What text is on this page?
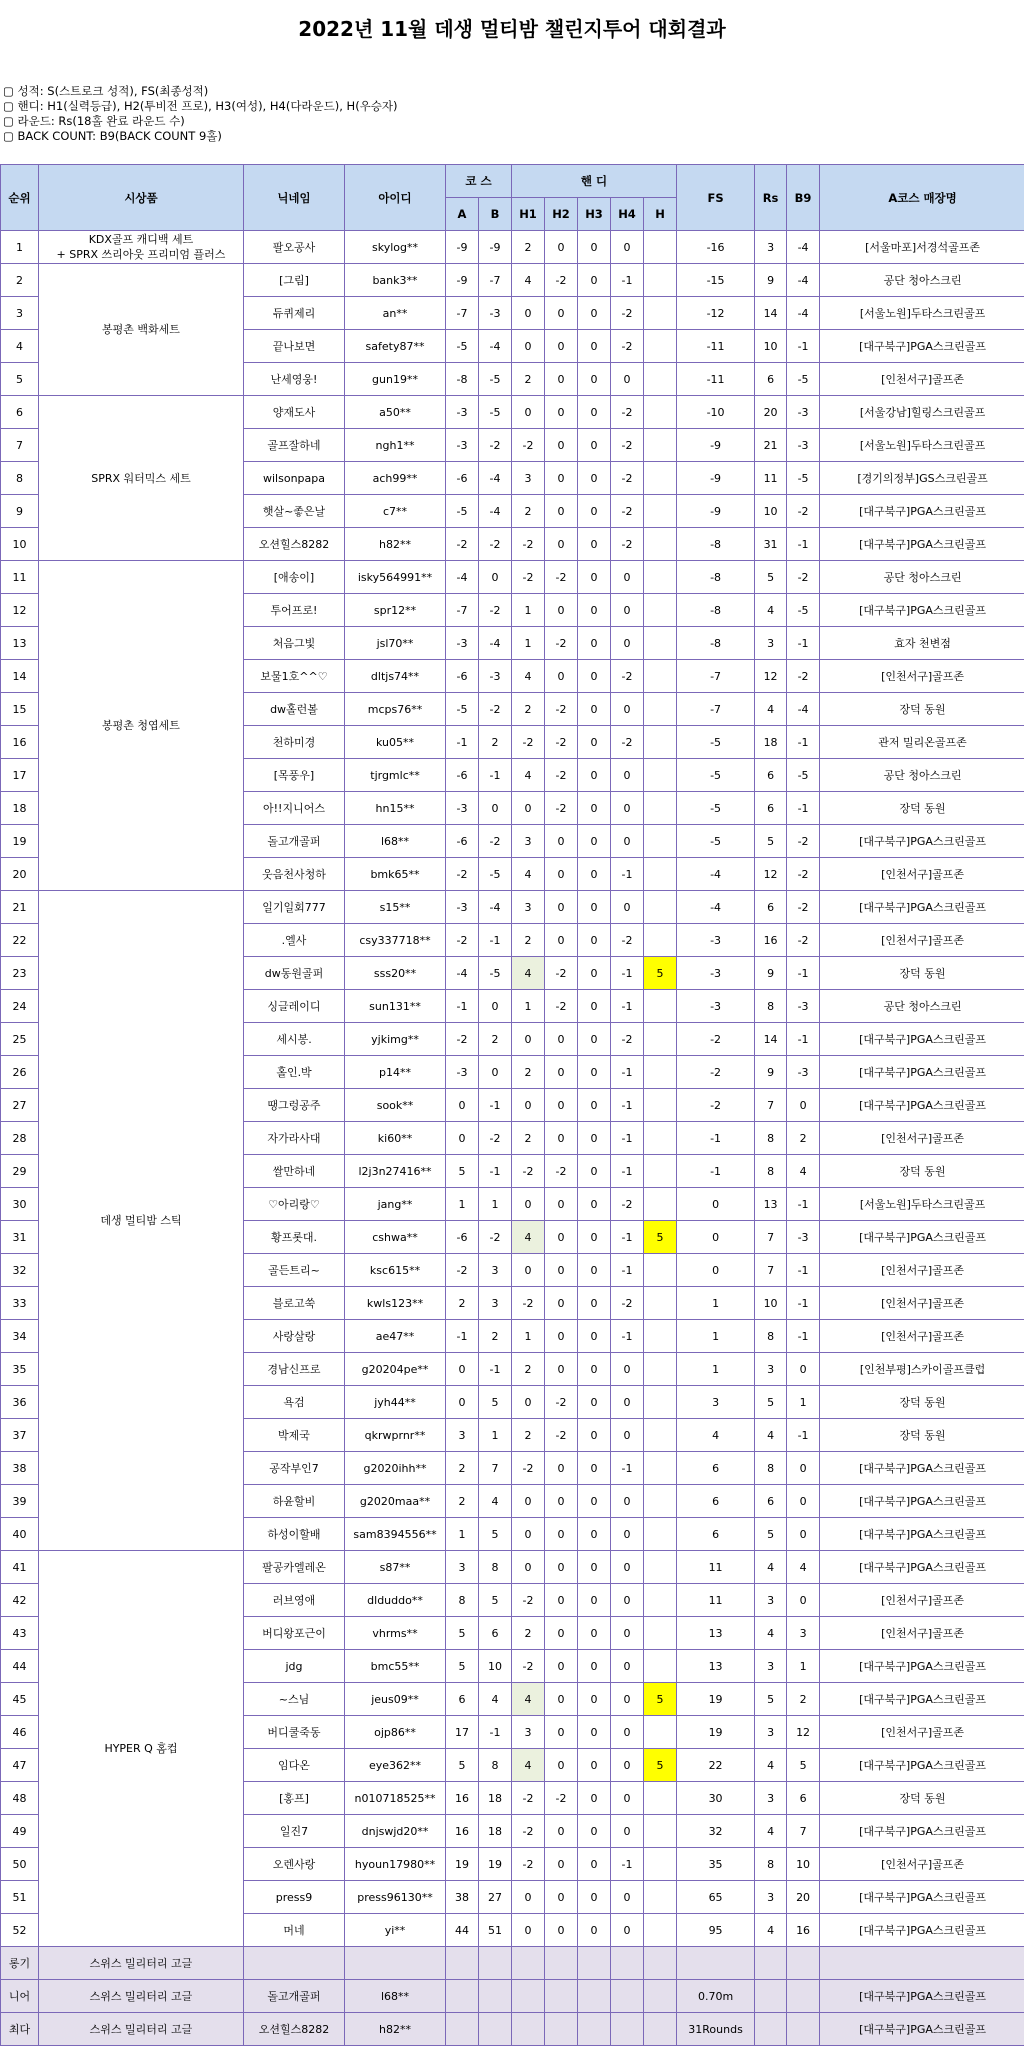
2022년 11월 데생 멀티밤 챌린지투어 대회결과
▢ 성적: S(스트로크 성적), FS(최종성적)
▢ 핸디: H1(실력등급), H2(투비전 프로), H3(여성), H4(다라운드), H(우승자)
▢ 라운드: Rs(18홀 완료 라운드 수)
▢ BACK COUNT: B9(BACK COUNT 9홀)
순위	시상품	닉네임	아이디	코 스		핸 디					FS	Rs	B9	A코스 매장명
				A	B	H1	H2	H3	H4	H				
1	KDX골프 캐디백 세트
+ SPRX 쓰리아웃 프리미엄 플러스	팔오공사	skylog**	-9	-9	2	0	0	0		-16	3	-4	[서울마포]서경석골프존
2	봉평촌 백화세트	[그림]	bank3**	-9	-7	4	-2	0	-1		-15	9	-4	공단 청아스크린
3		듀퀴제리	an**	-7	-3	0	0	0	-2		-12	14	-4	[서울노원]두타스크린골프
4		끝나보면	safety87**	-5	-4	0	0	0	-2		-11	10	-1	[대구북구]PGA스크린골프
5		난세영웅!	gun19**	-8	-5	2	0	0	0		-11	6	-5	[인천서구]골프존
6	SPRX 워터믹스 세트	양재도사	a50**	-3	-5	0	0	0	-2		-10	20	-3	[서울강남]힐링스크린골프
7		골프잘하네	ngh1**	-3	-2	-2	0	0	-2		-9	21	-3	[서울노원]두타스크린골프
8		wilsonpapa	ach99**	-6	-4	3	0	0	-2		-9	11	-5	[경기의정부]GS스크린골프
9		햇살~좋은날	c7**	-5	-4	2	0	0	-2		-9	10	-2	[대구북구]PGA스크린골프
10		오션힐스8282	h82**	-2	-2	-2	0	0	-2		-8	31	-1	[대구북구]PGA스크린골프
11	봉평촌 청엽세트	[애송이]	isky564991**	-4	0	-2	-2	0	0		-8	5	-2	공단 청아스크린
12		투어프로!	spr12**	-7	-2	1	0	0	0		-8	4	-5	[대구북구]PGA스크린골프
13		처음그빛	jsl70**	-3	-4	1	-2	0	0		-8	3	-1	효자 천변점
14		보물1호^^♡	dltjs74**	-6	-3	4	0	0	-2		-7	12	-2	[인천서구]골프존
15		dw홀런볼	mcps76**	-5	-2	2	-2	0	0		-7	4	-4	장덕 동원
16		천하미경	ku05**	-1	2	-2	-2	0	-2		-5	18	-1	관저 밀리온골프존
17		[목풍우]	tjrgmlc**	-6	-1	4	-2	0	0		-5	6	-5	공단 청아스크린
18		아!!지니어스	hn15**	-3	0	0	-2	0	0		-5	6	-1	장덕 동원
19		돌고개골퍼	l68**	-6	-2	3	0	0	0		-5	5	-2	[대구북구]PGA스크린골프
20		웃음천사청하	bmk65**	-2	-5	4	0	0	-1		-4	12	-2	[인천서구]골프존
21	데생 멀티밤 스틱	일기일회777	s15**	-3	-4	3	0	0	0		-4	6	-2	[대구북구]PGA스크린골프
22		.엘사	csy337718**	-2	-1	2	0	0	-2		-3	16	-2	[인천서구]골프존
23		dw동원골퍼	sss20**	-4	-5	4	-2	0	-1	5	-3	9	-1	장덕 동원
24		싱글레이디	sun131**	-1	0	1	-2	0	-1		-3	8	-3	공단 청아스크린
25		세시봉.	yjkimg**	-2	2	0	0	0	-2		-2	14	-1	[대구북구]PGA스크린골프
26		홀인.박	p14**	-3	0	2	0	0	-1		-2	9	-3	[대구북구]PGA스크린골프
27		땡그렁공주	sook**	0	-1	0	0	0	-1		-2	7	0	[대구북구]PGA스크린골프
28		자가라사대	ki60**	0	-2	2	0	0	-1		-1	8	2	[인천서구]골프존
29		쌀만하네	l2j3n27416**	5	-1	-2	-2	0	-1		-1	8	4	장덕 동원
30		♡아리랑♡	jang**	1	1	0	0	0	-2		0	13	-1	[서울노원]두타스크린골프
31		황프롯대.	cshwa**	-6	-2	4	0	0	-1	5	0	7	-3	[대구북구]PGA스크린골프
32		골든트리~	ksc615**	-2	3	0	0	0	-1		0	7	-1	[인천서구]골프존
33		블로고쑥	kwls123**	2	3	-2	0	0	-2		1	10	-1	[인천서구]골프존
34		사랑살랑	ae47**	-1	2	1	0	0	-1		1	8	-1	[인천서구]골프존
35		경남신프로	g20204pe**	0	-1	2	0	0	0		1	3	0	[인천부평]스카이골프클럽
36		욕검	jyh44**	0	5	0	-2	0	0		3	5	1	장덕 동원
37		박제국	qkrwprnr**	3	1	2	-2	0	0		4	4	-1	장덕 동원
38		공작부인7	g2020ihh**	2	7	-2	0	0	-1		6	8	0	[대구북구]PGA스크린골프
39		하윤할비	g2020maa**	2	4	0	0	0	0		6	6	0	[대구북구]PGA스크린골프
40		하성이할배	sam8394556**	1	5	0	0	0	0		6	5	0	[대구북구]PGA스크린골프
41	HYPER Q 홈컵	팔공카엘레온	s87**	3	8	0	0	0	0		11	4	4	[대구북구]PGA스크린골프
42		러브영애	dlduddo**	8	5	-2	0	0	0		11	3	0	[인천서구]골프존
43		버디왕포근이	vhrms**	5	6	2	0	0	0		13	4	3	[인천서구]골프존
44		jdg	bmc55**	5	10	-2	0	0	0		13	3	1	[대구북구]PGA스크린골프
45		~스님	jeus09**	6	4	4	0	0	0	5	19	5	2	[대구북구]PGA스크린골프
46		버디쿨죽동	ojp86**	17	-1	3	0	0	0		19	3	12	[인천서구]골프존
47		임다온	eye362**	5	8	4	0	0	0	5	22	4	5	[대구북구]PGA스크린골프
48		[홍프]	n010718525**	16	18	-2	-2	0	0		30	3	6	장덕 동원
49		일진7	dnjswjd20**	16	18	-2	0	0	0		32	4	7	[대구북구]PGA스크린골프
50		오렌사랑	hyoun17980**	19	19	-2	0	0	-1		35	8	10	[인천서구]골프존
51		press9	press96130**	38	27	0	0	0	0		65	3	20	[대구북구]PGA스크린골프
52		머네	yi**	44	51	0	0	0	0		95	4	16	[대구북구]PGA스크린골프
롱기	스위스 밀리터리 고글													
니어	스위스 밀리터리 고글	돌고개골퍼	l68**								0.70m			[대구북구]PGA스크린골프
최다	스위스 밀리터리 고글	오션힐스8282	h82**								31Rounds			[대구북구]PGA스크린골프
